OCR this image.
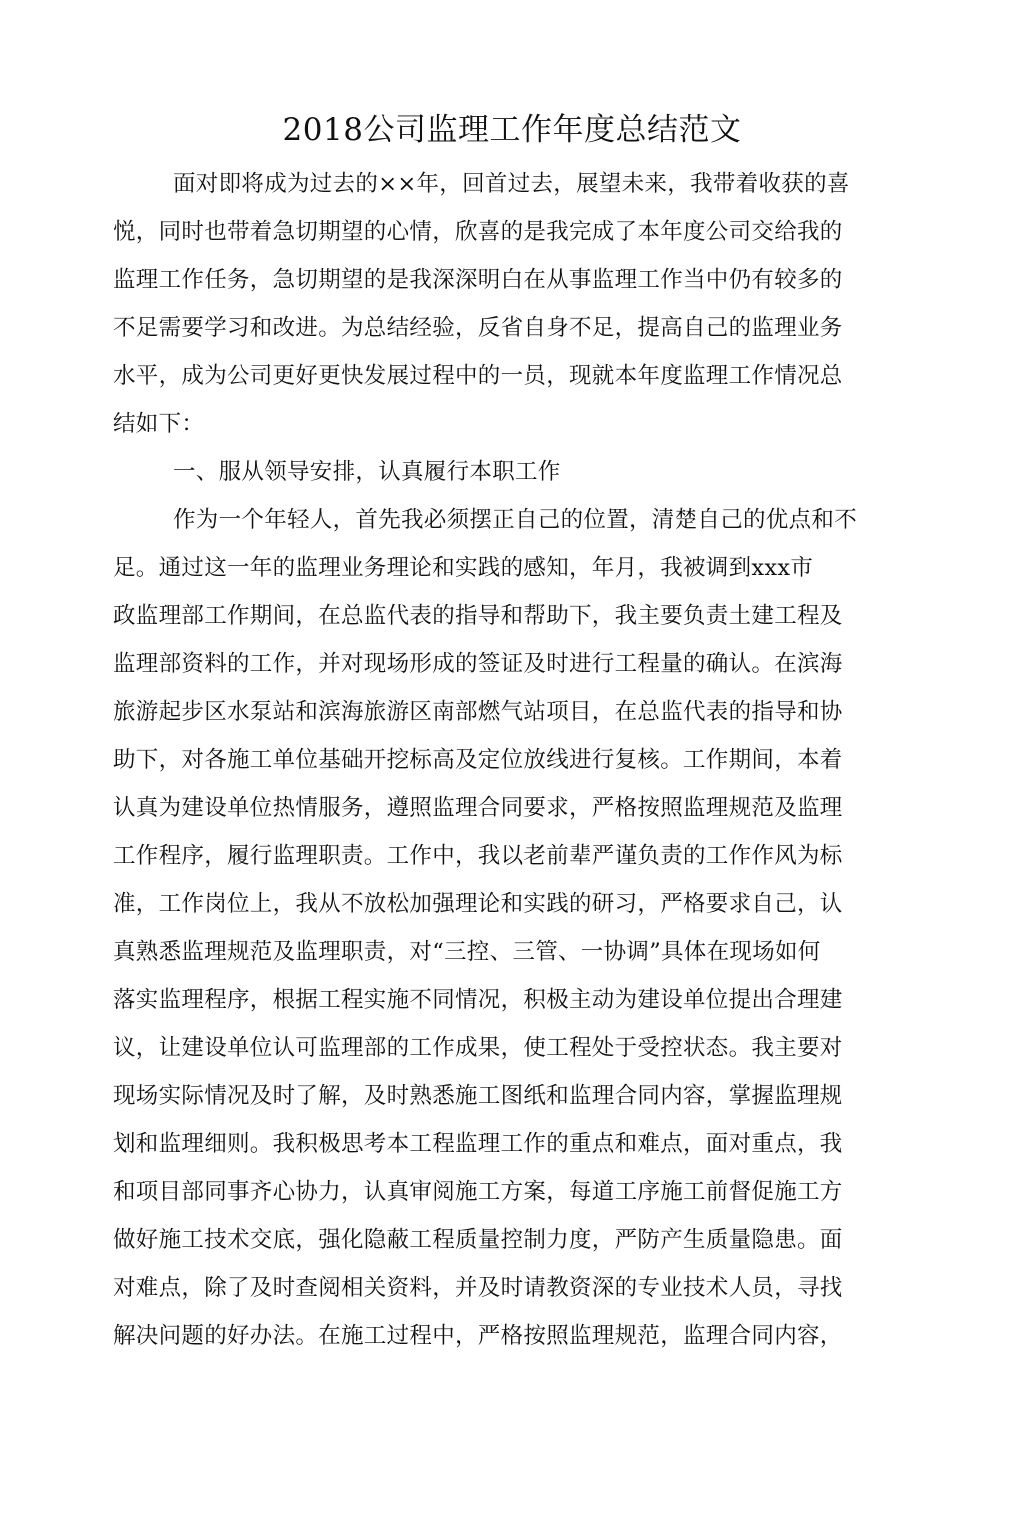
2018公司监理工作年度总结范文
面对即将成为过去的××年，回首过去，展望未来，我带着收获的喜
悦，同时也带着急切期望的心情，欣喜的是我完成了本年度公司交给我的
监理工作任务，急切期望的是我深深明白在从事监理工作当中仍有较多的
不足需要学习和改进。为总结经验，反省自身不足，提高自己的监理业务
水平，成为公司更好更快发展过程中的一员，现就本年度监理工作情况总
结如下：
一、服从领导安排，认真履行本职工作
作为一个年轻人，首先我必须摆正自己的位置，清楚自己的优点和不
足。通过这一年的监理业务理论和实践的感知，年月，我被调到xxx市
政监理部工作期间，在总监代表的指导和帮助下，我主要负责土建工程及
监理部资料的工作，并对现场形成的签证及时进行工程量的确认。在滨海
旅游起步区水泵站和滨海旅游区南部燃气站项目，在总监代表的指导和协
助下，对各施工单位基础开挖标高及定位放线进行复核。工作期间，本着
认真为建设单位热情服务，遵照监理合同要求，严格按照监理规范及监理
工作程序，履行监理职责。工作中，我以老前辈严谨负责的工作作风为标
准，工作岗位上，我从不放松加强理论和实践的研习，严格要求自己，认
真熟悉监理规范及监理职责，对“三控、三管、一协调”具体在现场如何
落实监理程序，根据工程实施不同情况，积极主动为建设单位提出合理建
议，让建设单位认可监理部的工作成果，使工程处于受控状态。我主要对
现场实际情况及时了解，及时熟悉施工图纸和监理合同内容，掌握监理规
划和监理细则。我积极思考本工程监理工作的重点和难点，面对重点，我
和项目部同事齐心协力，认真审阅施工方案，每道工序施工前督促施工方
做好施工技术交底，强化隐蔽工程质量控制力度，严防产生质量隐患。面
对难点，除了及时查阅相关资料，并及时请教资深的专业技术人员，寻找
解决问题的好办法。在施工过程中，严格按照监理规范，监理合同内容，
